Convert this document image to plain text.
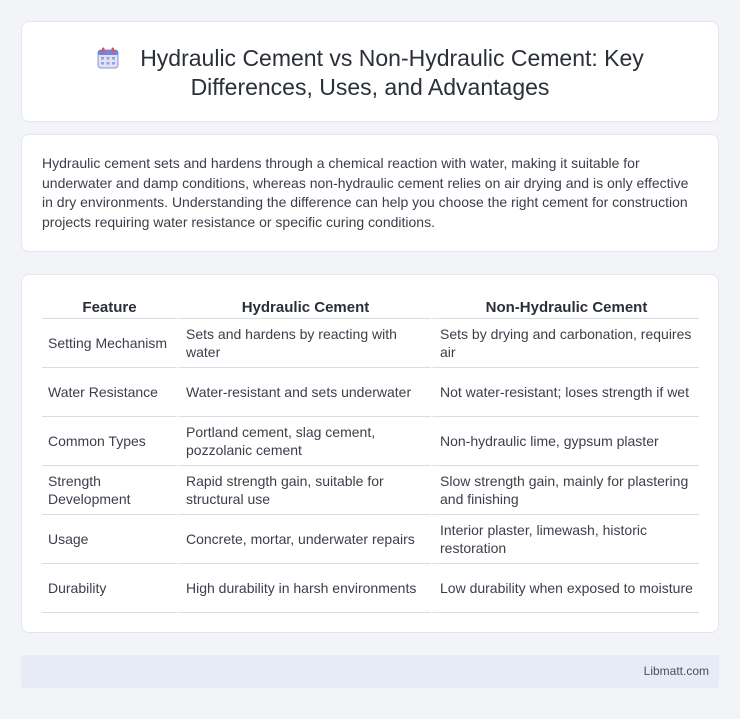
Hydraulic Cement vs Non-Hydraulic Cement: Key Differences, Uses, and Advantages

Hydraulic cement sets and hardens through a chemical reaction with water, making it suitable for underwater and damp conditions, whereas non-hydraulic cement relies on air drying and is only effective in dry environments. Understanding the difference can help you choose the right cement for construction projects requiring water resistance or specific curing conditions.

Feature	Hydraulic Cement	Non-Hydraulic Cement
Setting Mechanism	Sets and hardens by reacting with water	Sets by drying and carbonation, requires air
Water Resistance	Water-resistant and sets underwater	Not water-resistant; loses strength if wet
Common Types	Portland cement, slag cement, pozzolanic cement	Non-hydraulic lime, gypsum plaster
Strength Development	Rapid strength gain, suitable for structural use	Slow strength gain, mainly for plastering and finishing
Usage	Concrete, mortar, underwater repairs	Interior plaster, limewash, historic restoration
Durability	High durability in harsh environments	Low durability when exposed to moisture
Libmatt.com
